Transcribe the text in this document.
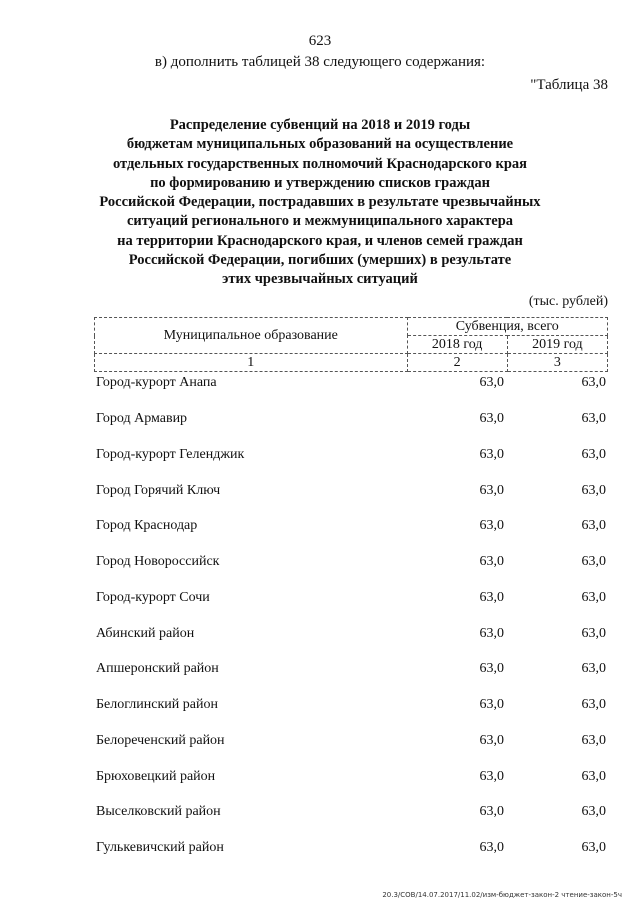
623
в) дополнить таблицей 38 следующего содержания:
"Таблица 38
Распределение субвенций на 2018 и 2019 годы
бюджетам муниципальных образований на осуществление
отдельных государственных полномочий Краснодарского края
по формированию и утверждению списков граждан
Российской Федерации, пострадавших в результате чрезвычайных
ситуаций регионального и межмуниципального характера
на территории Краснодарского края, и членов семей граждан
Российской Федерации, погибших (умерших) в результате
этих чрезвычайных ситуаций
(тыс. рублей)
Муниципальное образование	Субвенция, всего	
	2018 год	2019 год
1	2	3
Город-курорт Анапа	63,0	63,0
Город Армавир	63,0	63,0
Город-курорт Геленджик	63,0	63,0
Город Горячий Ключ	63,0	63,0
Город Краснодар	63,0	63,0
Город Новороссийск	63,0	63,0
Город-курорт Сочи	63,0	63,0
Абинский район	63,0	63,0
Апшеронский район	63,0	63,0
Белоглинский район	63,0	63,0
Белореченский район	63,0	63,0
Брюховецкий район	63,0	63,0
Выселковский район	63,0	63,0
Гулькевичский район	63,0	63,0
20.3/СОВ/14.07.2017/11.02/изм-бюджет-закон-2 чтение-закон-5ч
